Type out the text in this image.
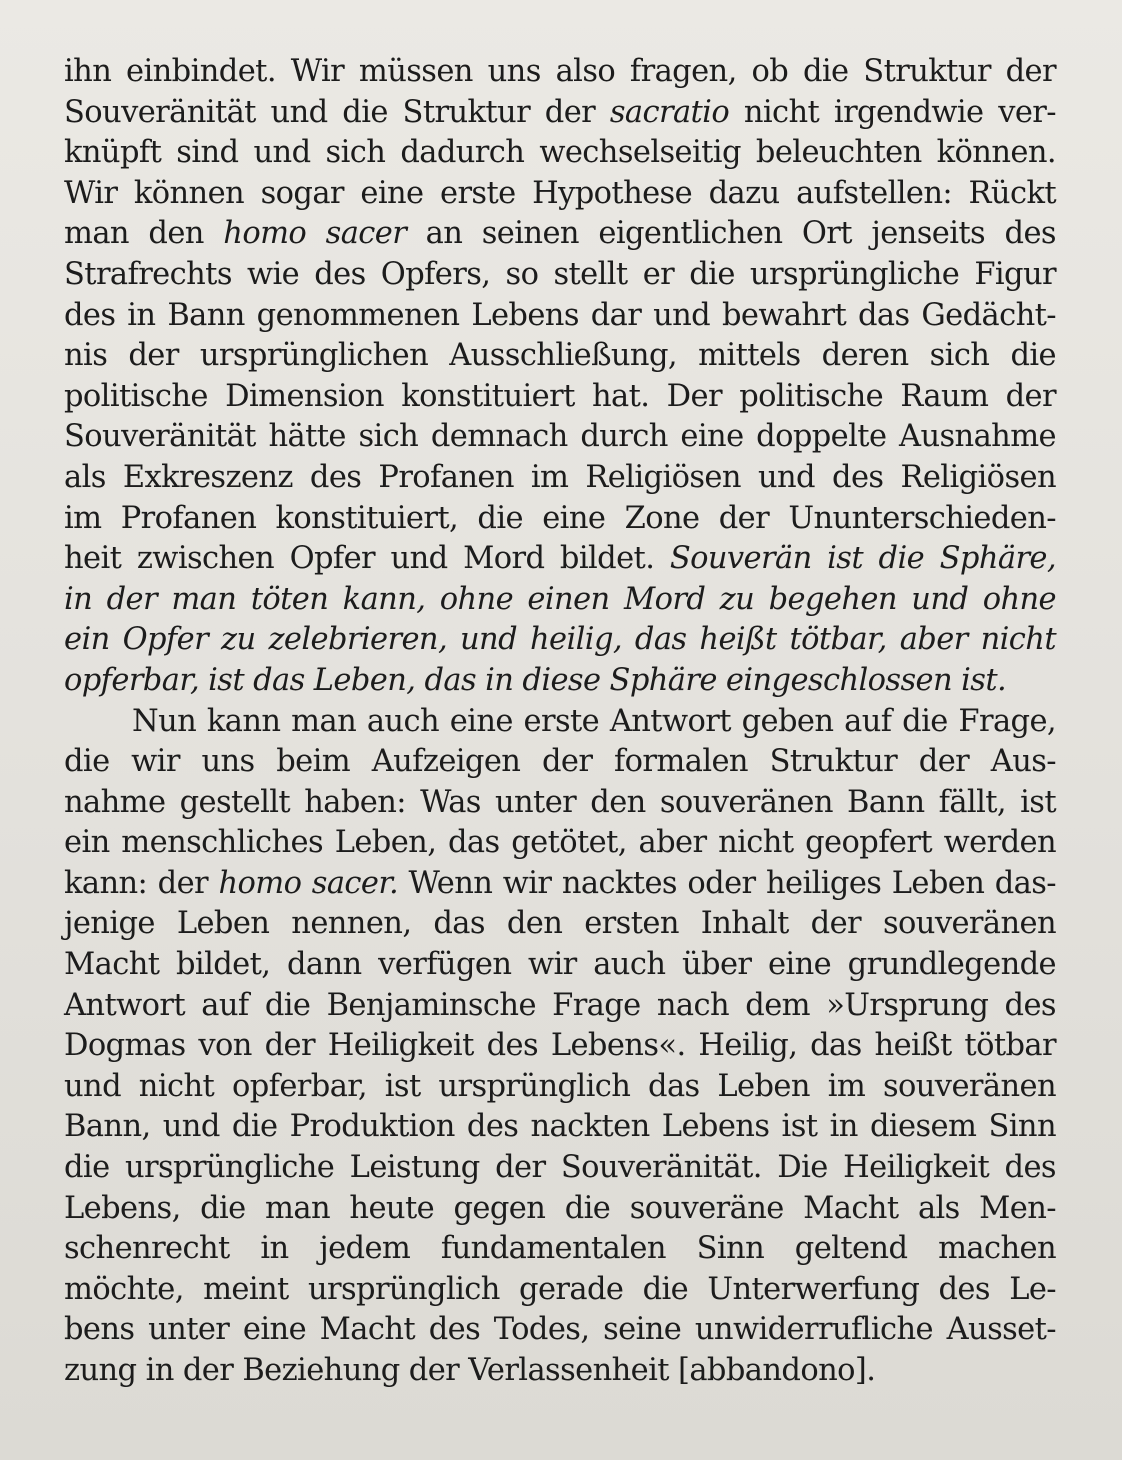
ihn einbindet. Wir müssen uns also fragen, ob die Struktur der
Souveränität und die Struktur der sacratio nicht irgendwie ver-
knüpft sind und sich dadurch wechselseitig beleuchten können.
Wir können sogar eine erste Hypothese dazu aufstellen: Rückt
man den homo sacer an seinen eigentlichen Ort jenseits des
Strafrechts wie des Opfers, so stellt er die ursprüngliche Figur
des in Bann genommenen Lebens dar und bewahrt das Gedächt-
nis der ursprünglichen Ausschließung, mittels deren sich die
politische Dimension konstituiert hat. Der politische Raum der
Souveränität hätte sich demnach durch eine doppelte Ausnahme
als Exkreszenz des Profanen im Religiösen und des Religiösen
im Profanen konstituiert, die eine Zone der Ununterschieden-
heit zwischen Opfer und Mord bildet. Souverän ist die Sphäre,
in der man töten kann, ohne einen Mord zu begehen und ohne
ein Opfer zu zelebrieren, und heilig, das heißt tötbar, aber nicht
opferbar, ist das Leben, das in diese Sphäre eingeschlossen ist.
Nun kann man auch eine erste Antwort geben auf die Frage,
die wir uns beim Aufzeigen der formalen Struktur der Aus-
nahme gestellt haben: Was unter den souveränen Bann fällt, ist
ein menschliches Leben, das getötet, aber nicht geopfert werden
kann: der homo sacer. Wenn wir nacktes oder heiliges Leben das-
jenige Leben nennen, das den ersten Inhalt der souveränen
Macht bildet, dann verfügen wir auch über eine grundlegende
Antwort auf die Benjaminsche Frage nach dem »Ursprung des
Dogmas von der Heiligkeit des Lebens«. Heilig, das heißt tötbar
und nicht opferbar, ist ursprünglich das Leben im souveränen
Bann, und die Produktion des nackten Lebens ist in diesem Sinn
die ursprüngliche Leistung der Souveränität. Die Heiligkeit des
Lebens, die man heute gegen die souveräne Macht als Men-
schenrecht in jedem fundamentalen Sinn geltend machen
möchte, meint ursprünglich gerade die Unterwerfung des Le-
bens unter eine Macht des Todes, seine unwiderrufliche Ausset-
zung in der Beziehung der Verlassenheit [abbandono].
